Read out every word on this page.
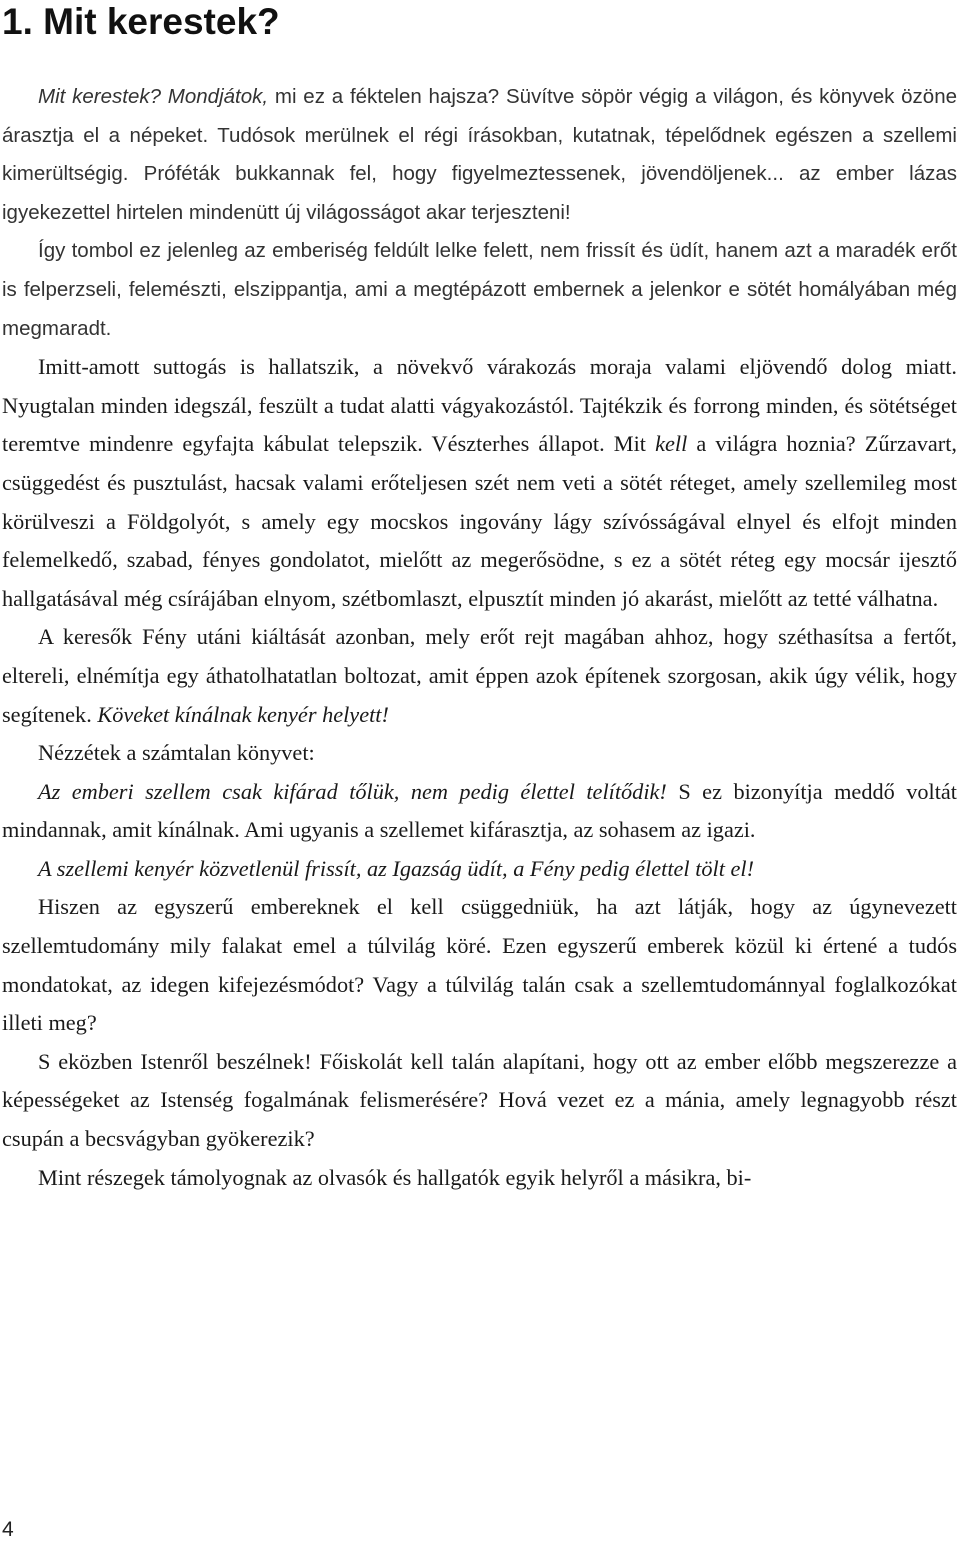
1. Mit kerestek?

Mit kerestek? Mondjátok, mi ez a féktelen hajsza? Süvítve söpör végig a világon, és könyvek özöne árasztja el a népeket. Tudósok merülnek el régi írásokban, kutatnak, tépelődnek egészen a szellemi kimerültségig. Próféták bukkannak fel, hogy figyelmeztessenek, jövendöljenek... az ember lázas igyekezettel hirtelen mindenütt új világosságot akar terjeszteni!

Így tombol ez jelenleg az emberiség feldúlt lelke felett, nem frissít és üdít, hanem azt a maradék erőt is felperzseli, felemészti, elszippantja, ami a megtépázott embernek a jelenkor e sötét homályában még megmaradt.

Imitt-amott suttogás is hallatszik, a növekvő várakozás moraja valami eljövendő dolog miatt. Nyugtalan minden idegszál, feszült a tudat alatti vágyakozástól. Tajtékzik és forrong minden, és sötétséget teremtve mindenre egyfajta kábulat telepszik. Vészterhes állapot. Mit kell a világra hoznia? Zűrzavart, csüggedést és pusztulást, hacsak valami erőteljesen szét nem veti a sötét réteget, amely szellemileg most körülveszi a Földgolyót, s amely egy mocskos ingovány lágy szívósságával elnyel és elfojt minden felemelkedő, szabad, fényes gondolatot, mielőtt az megerősödne, s ez a sötét réteg egy mocsár ijesztő hallgatásával még csírájában elnyom, szétbomlaszt, elpusztít minden jó akarást, mielőtt az tetté válhatna.

A keresők Fény utáni kiáltását azonban, mely erőt rejt magában ahhoz, hogy széthasítsa a fertőt, eltereli, elnémítja egy áthatolhatatlan boltozat, amit éppen azok építenek szorgosan, akik úgy vélik, hogy segítenek. Köveket kínálnak kenyér helyett!

Nézzétek a számtalan könyvet:

Az emberi szellem csak kifárad tőlük, nem pedig élettel telítődik! S ez bizonyítja meddő voltát mindannak, amit kínálnak. Ami ugyanis a szellemet kifárasztja, az sohasem az igazi.

A szellemi kenyér közvetlenül frissít, az Igazság üdít, a Fény pedig élettel tölt el!

Hiszen az egyszerű embereknek el kell csüggedniük, ha azt látják, hogy az úgynevezett szellemtudomány mily falakat emel a túlvilág köré. Ezen egyszerű emberek közül ki értené a tudós mondatokat, az idegen kifejezésmódot? Vagy a túlvilág talán csak a szellemtudománnyal foglalkozókat illeti meg?

S eközben Istenről beszélnek! Főiskolát kell talán alapítani, hogy ott az ember előbb megszerezze a képességeket az Istenség fogalmának felismerésére? Hová vezet ez a mánia, amely legnagyobb részt csupán a becsvágyban gyökerezik?

Mint részegek támolyognak az olvasók és hallgatók egyik helyről a másikra, bi-

4
